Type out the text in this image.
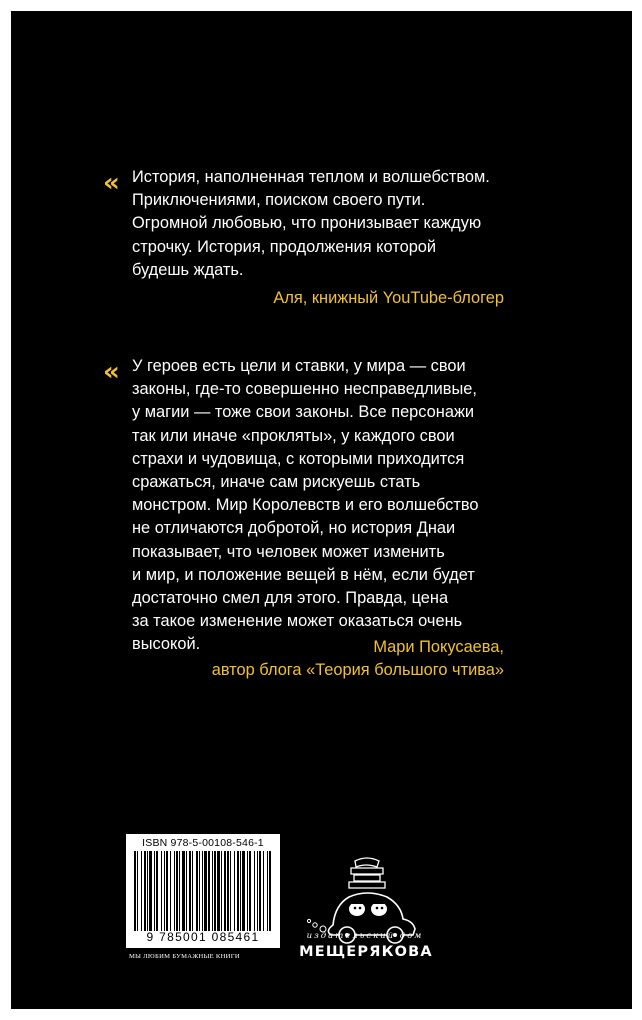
« История, наполненная теплом и волшебством.
Приключениями, поиском своего пути.
Огромной любовью, что пронизывает каждую
строчку. История, продолжения которой
будешь ждать.

Аля, книжный YouTube-блогер
« У героев есть цели и ставки, у мира — свои
законы, где-то совершенно несправедливые,
у магии — тоже свои законы. Все персонажи
так или иначе «прокляты», у каждого свои
страхи и чудовища, с которыми приходится
сражаться, иначе сам рискуешь стать
монстром. Мир Королевств и его волшебство
не отличаются добротой, но история Днаи
показывает, что человек может изменить
и мир, и положение вещей в нём, если будет
достаточно смел для этого. Правда, цена
за такое изменение может оказаться очень
высокой.	Мари Покусаева,
автор блога «Теория большого чтива»
ISBN 978-5-00108-546-1
9 785001 085461
МЫ ЛЮБИМ БУМАЖНЫЕ КНИГИ
издательский дом
МЕЩЕРЯКОВА
